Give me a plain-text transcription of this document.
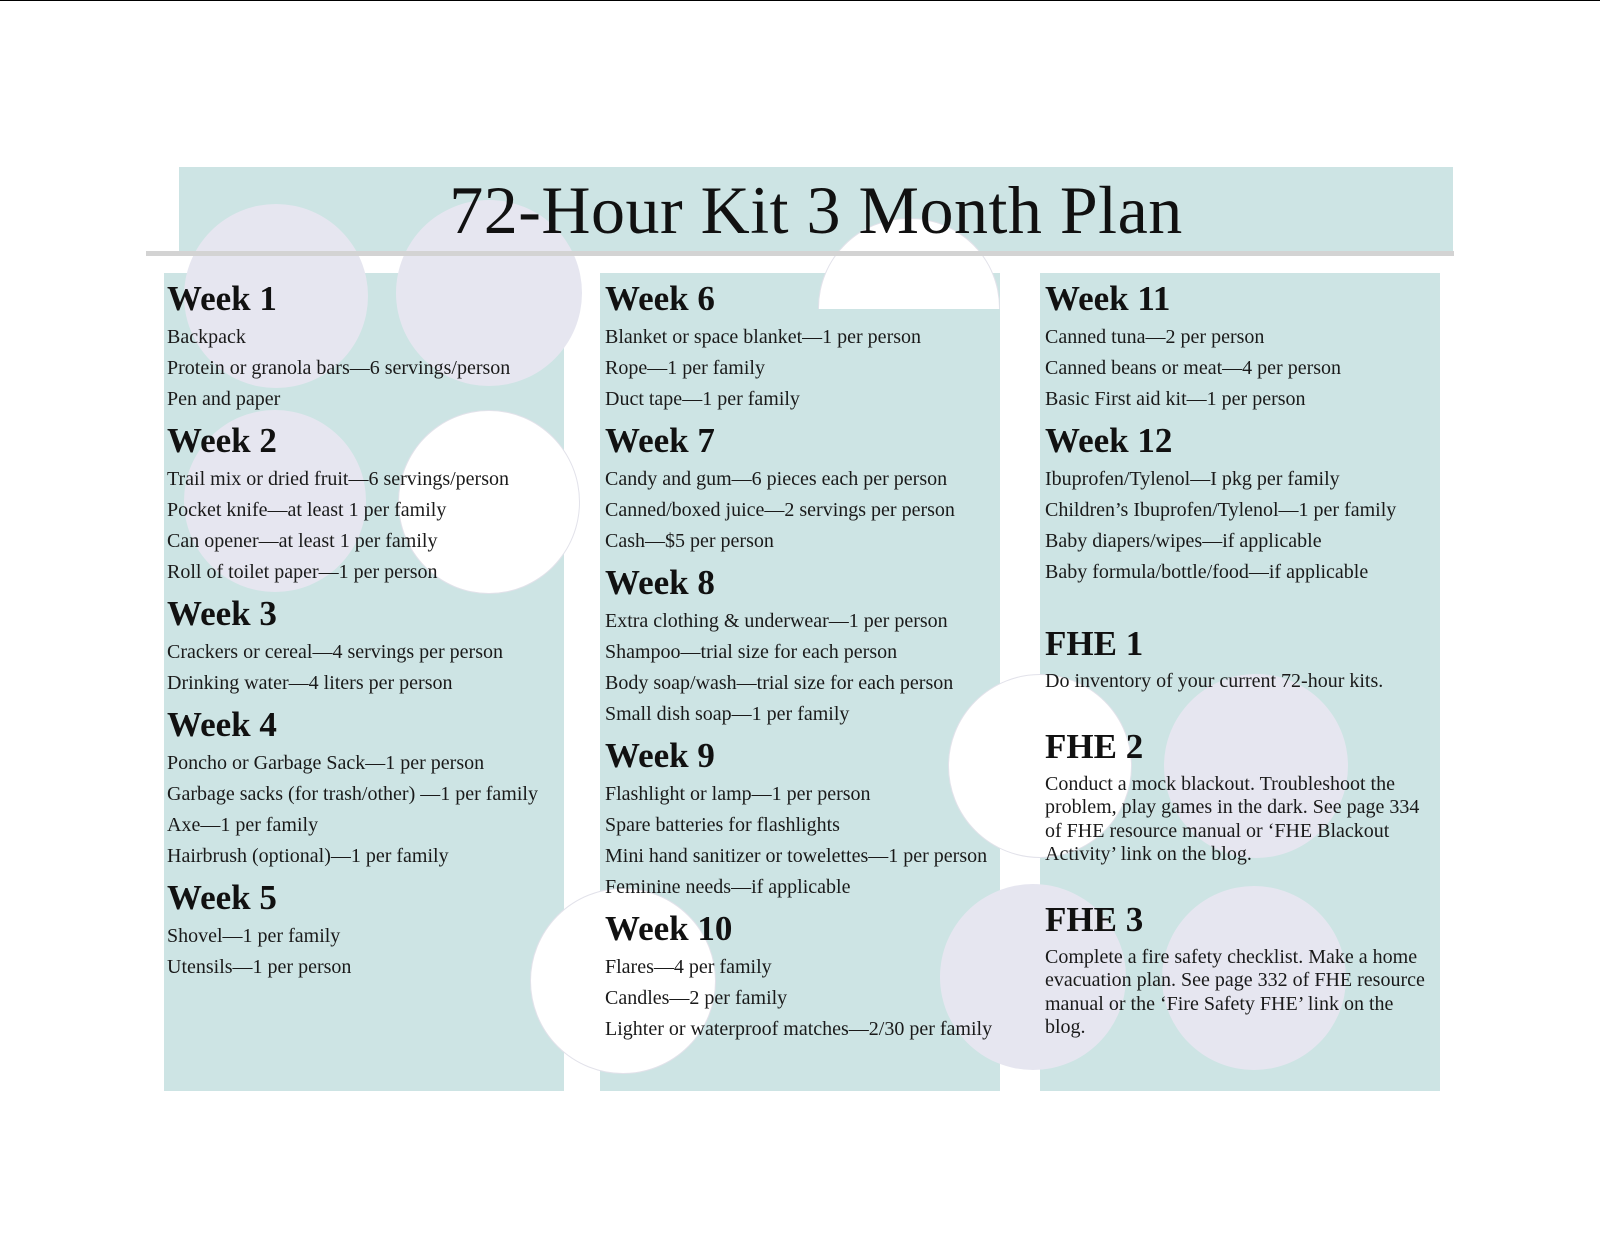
72-Hour Kit 3 Month Plan
Week 1
Backpack
Protein or granola bars—6 servings/person
Pen and paper
Week 2
Trail mix or dried fruit—6 servings/person
Pocket knife—at least 1 per family
Can opener—at least 1 per family
Roll of toilet paper—1 per person
Week 3
Crackers or cereal—4 servings per person
Drinking water—4 liters per person
Week 4
Poncho or Garbage Sack—1 per person
Garbage sacks (for trash/other) —1 per family
Axe—1 per family
Hairbrush (optional)—1 per family
Week 5
Shovel—1 per family
Utensils—1 per person
Week 6
Blanket or space blanket—1 per person
Rope—1 per family
Duct tape—1 per family
Week 7
Candy and gum—6 pieces each per person
Canned/boxed juice—2 servings per person
Cash—$5 per person
Week 8
Extra clothing & underwear—1 per person
Shampoo—trial size for each person
Body soap/wash—trial size for each person
Small dish soap—1 per family
Week 9
Flashlight or lamp—1 per person
Spare batteries for flashlights
Mini hand sanitizer or towelettes—1 per person
Feminine needs—if applicable
Week 10
Flares—4 per family
Candles—2 per family
Lighter or waterproof matches—2/30 per family
Week 11
Canned tuna—2 per person
Canned beans or meat—4 per person
Basic First aid kit—1 per person
Week 12
Ibuprofen/Tylenol—I pkg per family
Children’s Ibuprofen/Tylenol—1 per family
Baby diapers/wipes—if applicable
Baby formula/bottle/food—if applicable
FHE 1
Do inventory of your current 72-hour kits.
FHE 2
Conduct a mock blackout. Troubleshoot the problem, play games in the dark. See page 334 of FHE resource manual or ‘FHE Blackout Activity’ link on the blog.
FHE 3
Complete a fire safety checklist. Make a home evacuation plan. See page 332 of FHE resource manual or the ‘Fire Safety FHE’ link on the blog.
